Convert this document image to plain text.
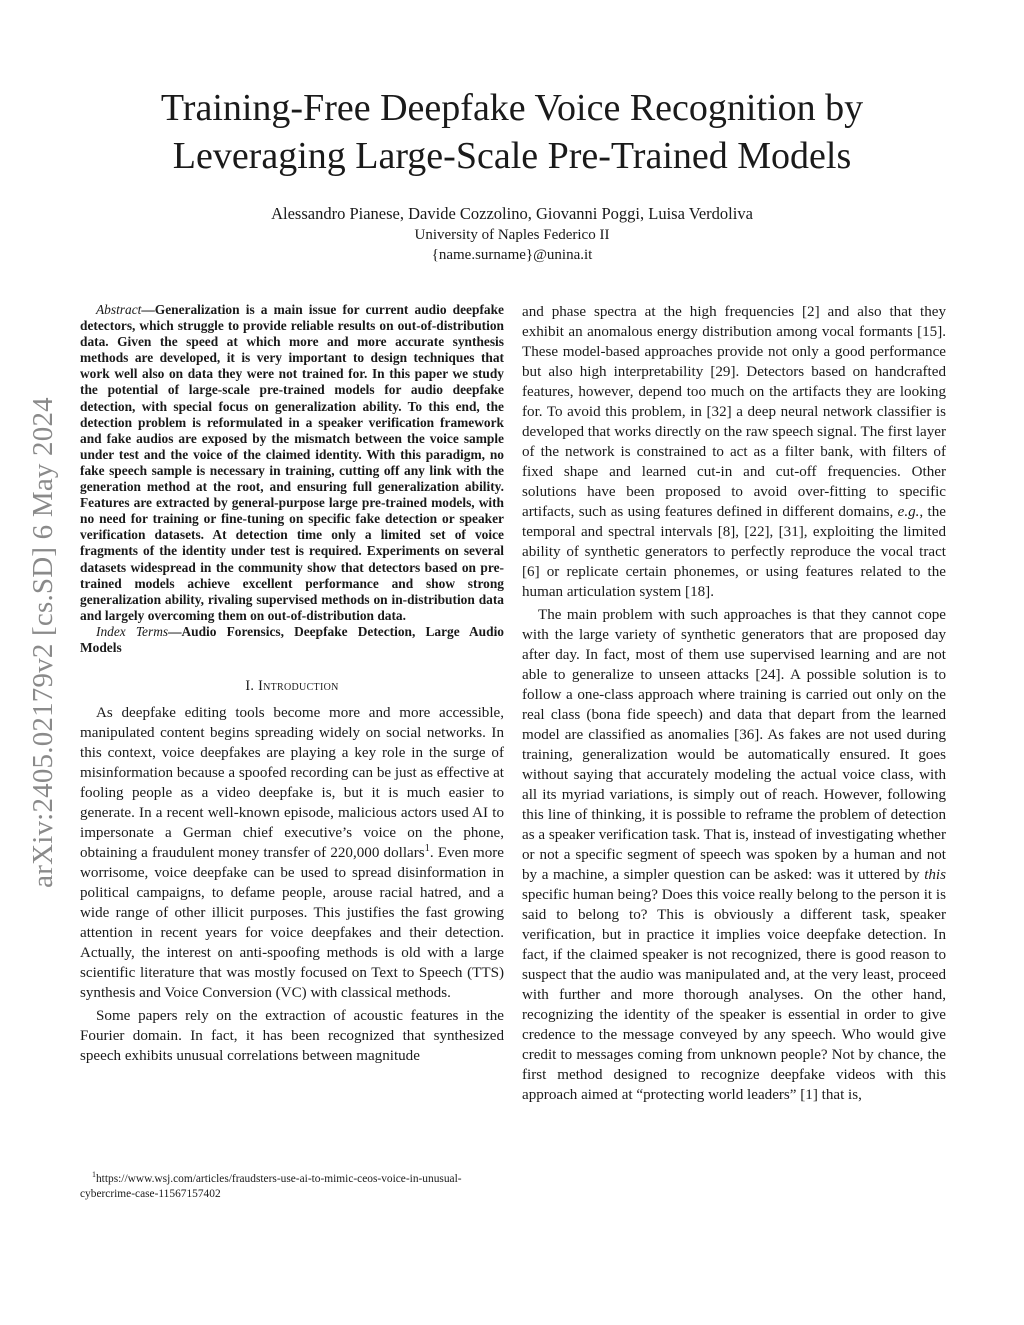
arXiv:2405.02179v2 [cs.SD] 6 May 2024
Training-Free Deepfake Voice Recognition by
Leveraging Large-Scale Pre-Trained Models
Alessandro Pianese, Davide Cozzolino, Giovanni Poggi, Luisa Verdoliva
University of Naples Federico II
{name.surname}@unina.it

Abstract—Generalization is a main issue for current audio deepfake detectors, which struggle to provide reliable results on out-of-distribution data. Given the speed at which more and more accurate synthesis methods are developed, it is very important to design techniques that work well also on data they were not trained for. In this paper we study the potential of large-scale pre-trained models for audio deepfake detection, with special focus on generalization ability. To this end, the detection problem is reformulated in a speaker verification framework and fake audios are exposed by the mismatch between the voice sample under test and the voice of the claimed identity. With this paradigm, no fake speech sample is necessary in training, cutting off any link with the generation method at the root, and ensuring full generalization ability. Features are extracted by general-purpose large pre-trained models, with no need for training or fine-tuning on specific fake detection or speaker verification datasets. At detection time only a limited set of voice fragments of the identity under test is required. Experiments on several datasets widespread in the community show that detectors based on pre-trained models achieve excellent performance and show strong generalization ability, rivaling supervised methods on in-distribution data and largely overcoming them on out-of-distribution data.

Index Terms—Audio Forensics, Deepfake Detection, Large Audio Models

I. Introduction

As deepfake editing tools become more and more accessible, manipulated content begins spreading widely on social networks. In this context, voice deepfakes are playing a key role in the surge of misinformation because a spoofed recording can be just as effective at fooling people as a video deepfake is, but it is much easier to generate. In a recent well-known episode, malicious actors used AI to impersonate a German chief executive’s voice on the phone, obtaining a fraudulent money transfer of 220,000 dollars$^1$. Even more worrisome, voice deepfake can be used to spread disinformation in political campaigns, to defame people, arouse racial hatred, and a wide range of other illicit purposes. This justifies the fast growing attention in recent years for voice deepfakes and their detection. Actually, the interest on anti-spoofing methods is old with a large scientific literature that was mostly focused on Text to Speech (TTS) synthesis and Voice Conversion (VC) with classical methods.

Some papers rely on the extraction of acoustic features in the Fourier domain. In fact, it has been recognized that synthesized speech exhibits unusual correlations between magnitude

$^1$https://www.wsj.com/articles/fraudsters-use-ai-to-mimic-ceos-voice-in-unusual-cybercrime-case-11567157402

and phase spectra at the high frequencies [2] and also that they exhibit an anomalous energy distribution among vocal formants [15]. These model-based approaches provide not only a good performance but also high interpretability [29]. Detectors based on handcrafted features, however, depend too much on the artifacts they are looking for. To avoid this problem, in [32] a deep neural network classifier is developed that works directly on the raw speech signal. The first layer of the network is constrained to act as a filter bank, with filters of fixed shape and learned cut-in and cut-off frequencies. Other solutions have been proposed to avoid over-fitting to specific artifacts, such as using features defined in different domains, e.g., the temporal and spectral intervals [8], [22], [31], exploiting the limited ability of synthetic generators to perfectly reproduce the vocal tract [6] or replicate certain phonemes, or using features related to the human articulation system [18].

The main problem with such approaches is that they cannot cope with the large variety of synthetic generators that are proposed day after day. In fact, most of them use supervised learning and are not able to generalize to unseen attacks [24]. A possible solution is to follow a one-class approach where training is carried out only on the real class (bona fide speech) and data that depart from the learned model are classified as anomalies [36]. As fakes are not used during training, generalization would be automatically ensured. It goes without saying that accurately modeling the actual voice class, with all its myriad variations, is simply out of reach. However, following this line of thinking, it is possible to reframe the problem of detection as a speaker verification task. That is, instead of investigating whether or not a specific segment of speech was spoken by a human and not by a machine, a simpler question can be asked: was it uttered by this specific human being? Does this voice really belong to the person it is said to belong to? This is obviously a different task, speaker verification, but in practice it implies voice deepfake detection. In fact, if the claimed speaker is not recognized, there is good reason to suspect that the audio was manipulated and, at the very least, proceed with further and more thorough analyses. On the other hand, recognizing the identity of the speaker is essential in order to give credence to the message conveyed by any speech. Who would give credit to messages coming from unknown people? Not by chance, the first method designed to recognize deepfake videos with this approach aimed at “protecting world leaders” [1] that is,
